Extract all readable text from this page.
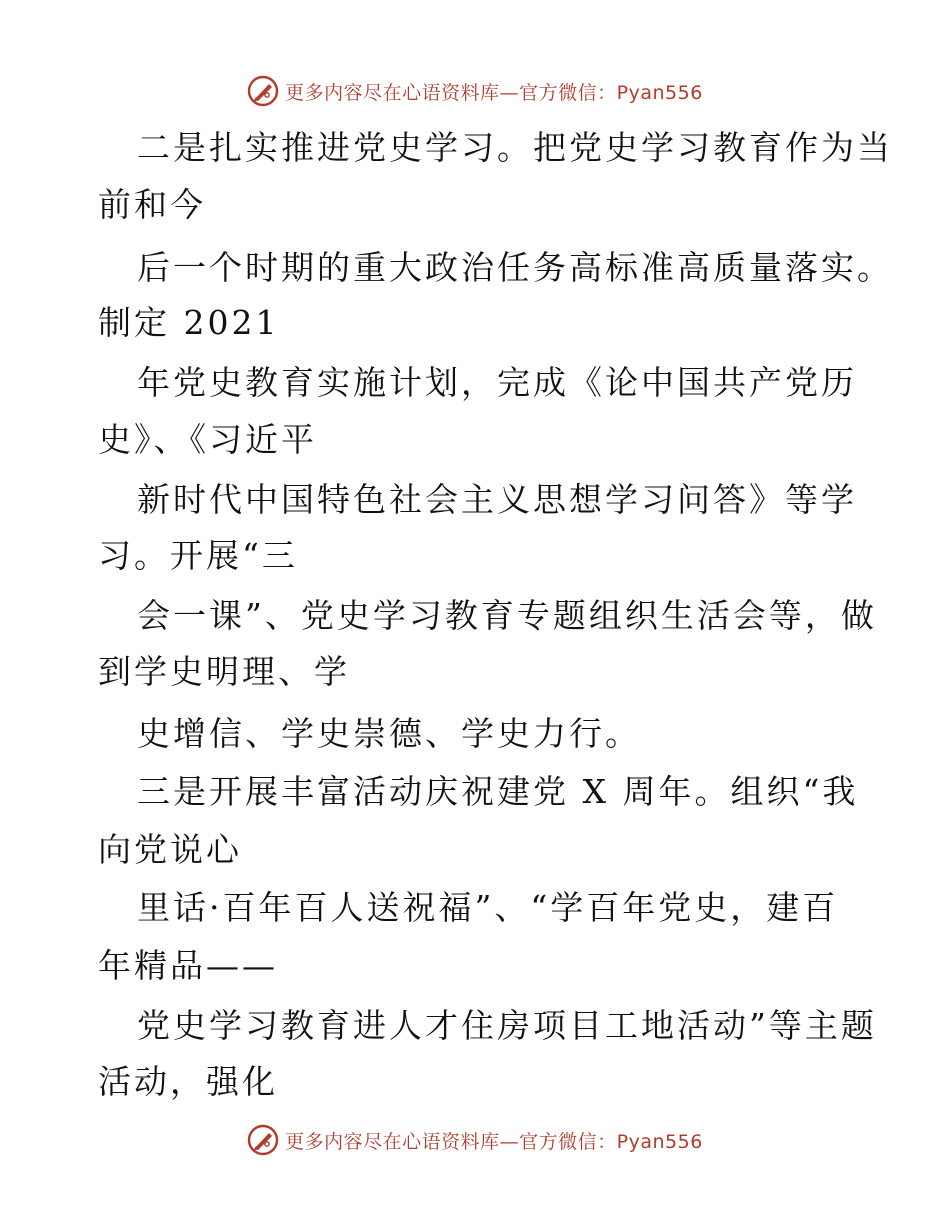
更多内容尽在心语资料库—官方微信：Pyan556
二是扎实推进党史学习。把党史学习教育作为当
前和今
后一个时期的重大政治任务高标准高质量落实。
制定 2021
年党史教育实施计划，完成《论中国共产党历
史》、《习近平
新时代中国特色社会主义思想学习问答》等学
习。开展“三
会一课”、党史学习教育专题组织生活会等，做
到学史明理、学
史增信、学史崇德、学史力行。
三是开展丰富活动庆祝建党 X 周年。组织“我
向党说心
里话·百年百人送祝福”、“学百年党史，建百
年精品——
党史学习教育进人才住房项目工地活动”等主题
活动，强化
更多内容尽在心语资料库—官方微信：Pyan556
